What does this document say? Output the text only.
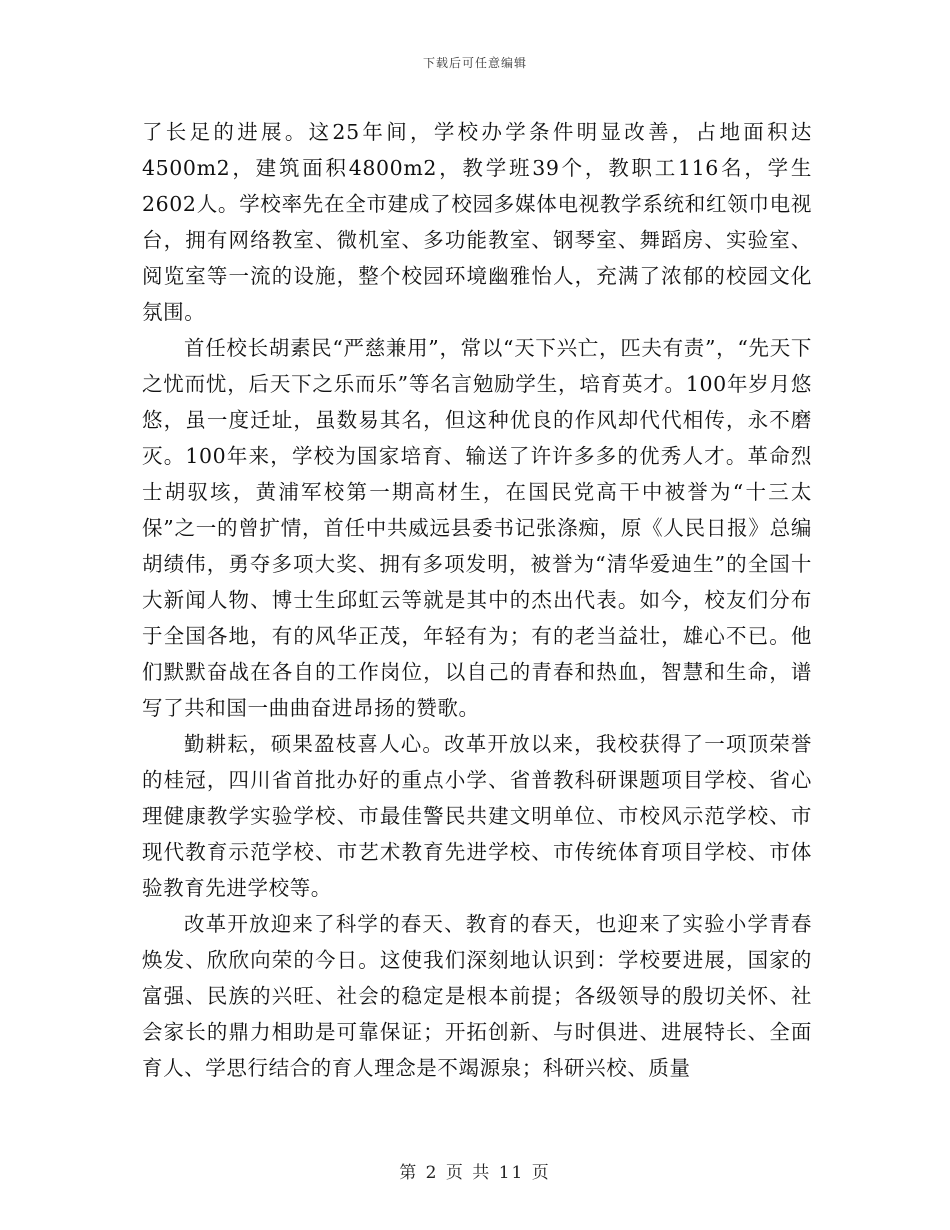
下载后可任意编辑

了长足的进展。这25年间，学校办学条件明显改善，占地面积达4500m2，建筑面积4800m2，教学班39个，教职工116名，学生2602人。学校率先在全市建成了校园多媒体电视教学系统和红领巾电视台，拥有网络教室、微机室、多功能教室、钢琴室、舞蹈房、实验室、阅览室等一流的设施，整个校园环境幽雅怡人，充满了浓郁的校园文化氛围。

首任校长胡素民“严慈兼用”，常以“天下兴亡，匹夫有责”，“先天下之忧而忧，后天下之乐而乐”等名言勉励学生，培育英才。100年岁月悠悠，虽一度迁址，虽数易其名，但这种优良的作风却代代相传，永不磨灭。100年来，学校为国家培育、输送了许许多多的优秀人才。革命烈士胡驭垓，黄浦军校第一期高材生，在国民党高干中被誉为“十三太保”之一的曾扩情，首任中共威远县委书记张涤痴，原《人民日报》总编胡绩伟，勇夺多项大奖、拥有多项发明，被誉为“清华爱迪生”的全国十大新闻人物、博士生邱虹云等就是其中的杰出代表。如今，校友们分布于全国各地，有的风华正茂，年轻有为；有的老当益壮，雄心不已。他们默默奋战在各自的工作岗位，以自己的青春和热血，智慧和生命，谱写了共和国一曲曲奋进昂扬的赞歌。

勤耕耘，硕果盈枝喜人心。改革开放以来，我校获得了一项顶荣誉的桂冠，四川省首批办好的重点小学、省普教科研课题项目学校、省心理健康教学实验学校、市最佳警民共建文明单位、市校风示范学校、市现代教育示范学校、市艺术教育先进学校、市传统体育项目学校、市体验教育先进学校等。

改革开放迎来了科学的春天、教育的春天，也迎来了实验小学青春焕发、欣欣向荣的今日。这使我们深刻地认识到：学校要进展，国家的富强、民族的兴旺、社会的稳定是根本前提；各级领导的殷切关怀、社会家长的鼎力相助是可靠保证；开拓创新、与时俱进、进展特长、全面育人、学思行结合的育人理念是不竭源泉；科研兴校、质量

第 2 页 共 11 页
